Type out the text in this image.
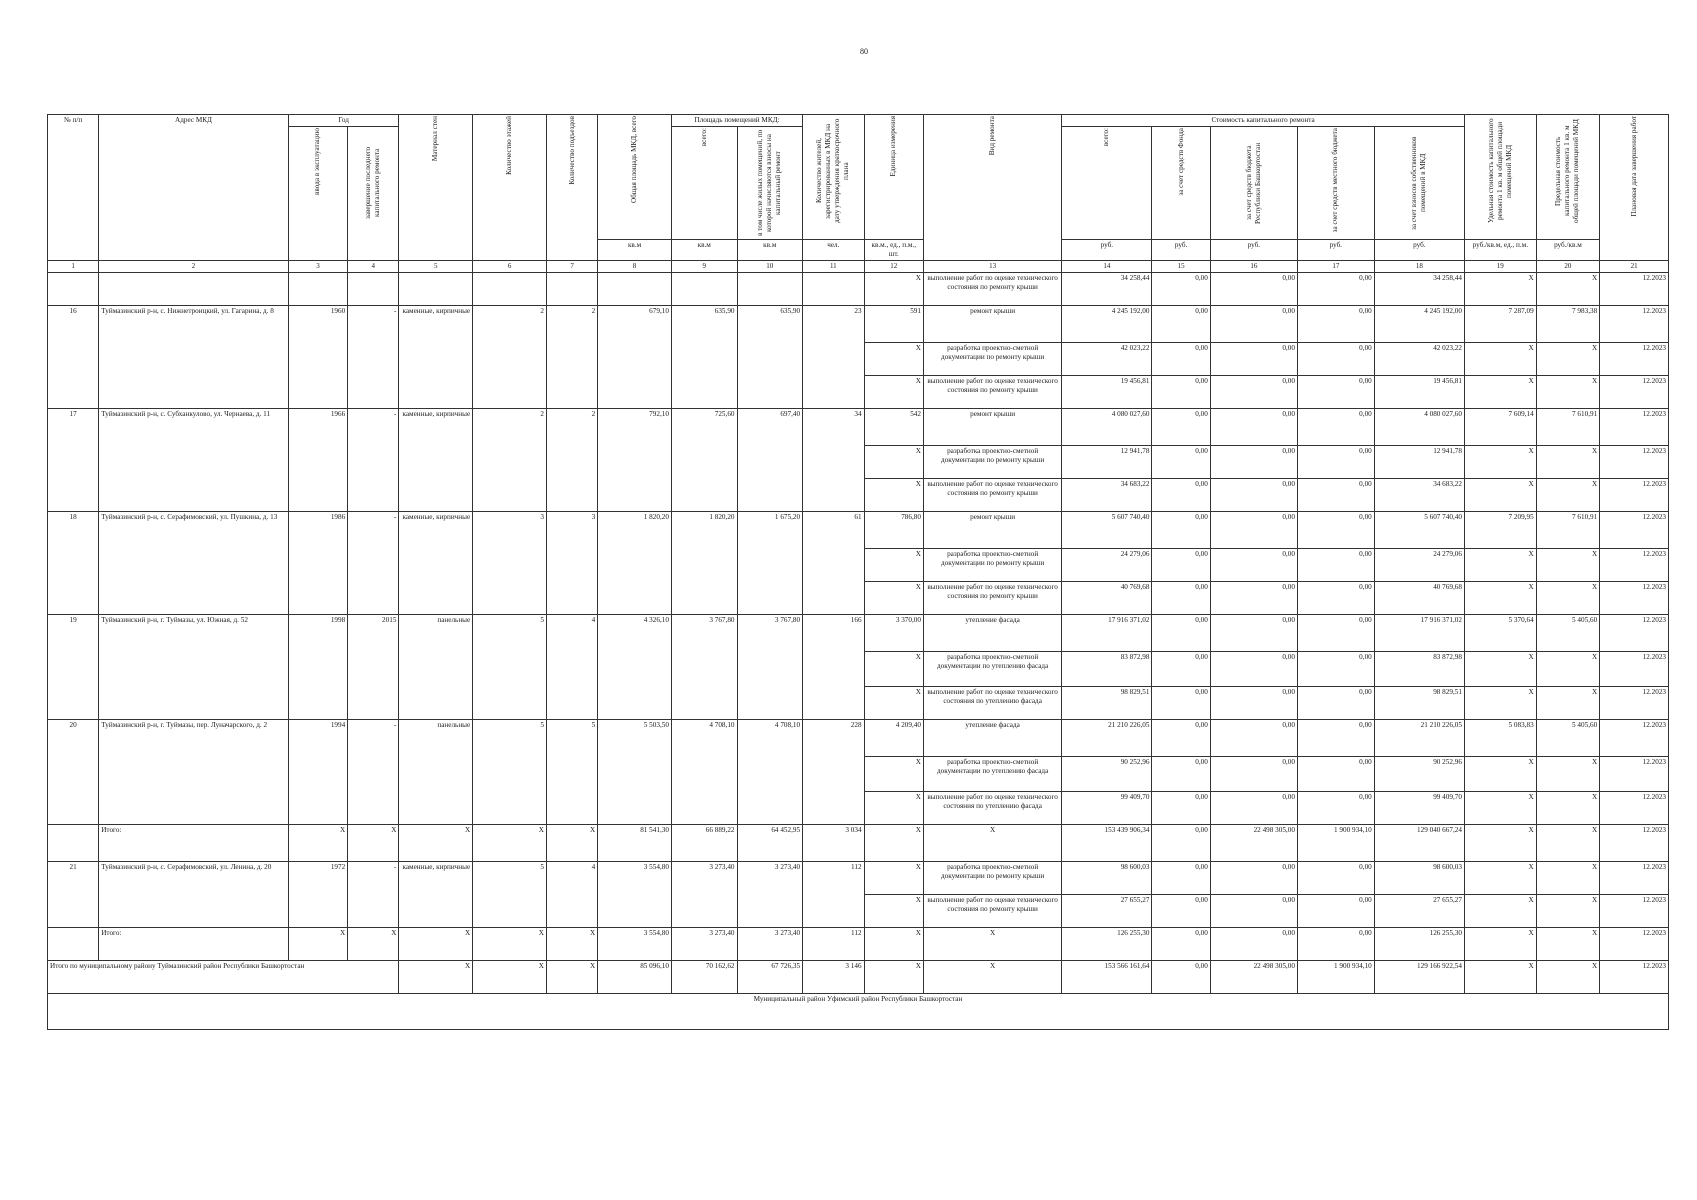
80
№ п/п	Адрес МКД	Год		Материал стен	Количество этажей	Количество подъездов	Общая площадь МКД, всего	Площадь помещений МКД:		Количество жителей, зарегистрированных в МКД на дату утверждения краткосрочного плана	Единица измерения	Вид ремонта	Стоимость капитального ремонта					Удельная стоимость капитального ремонта 1 кв. м общей площади помещений МКД	Предельная стоимость капитального ремонта 1 кв. м общей площади помещений МКД	Плановая дата завершения работ

		ввода в эксплуатацию	завершение последнего капитального ремонта					всего:	в том числе жилых помещений, по которой начисляются взносы на капитальный ремонт				всего:	за счет средств Фонда	за счет средств бюджета Республики Башкортостан	за счет средств местного бюджета	за счет взносов собственников помещений в МКД			

							кв.м	кв.м	кв.м	чел.	кв.м., ед., п.м., шт.		руб.	руб.	руб.	руб.	руб.	руб./кв.м, ед., п.м.	руб./кв.м	
1	2	3	4	5	6	7	8	9	10	11	12	13	14	15	16	17	18	19	20	21
											Х	выполнение работ по оценке технического состояния по ремонту крыши	34 258,44	0,00	0,00	0,00	34 258,44	Х	Х	12.2023
16	Туймазинский р-н, с. Нижнетроицкий, ул. Гагарина, д. 8	1960	-	каменные, кирпичные	2	2	679,10	635,90	635,90	23	591	ремонт крыши	4 245 192,00	0,00	0,00	0,00	4 245 192,00	7 287,09	7 983,38	12.2023
											Х	разработка проектно-сметной документации по ремонту крыши	42 023,22	0,00	0,00	0,00	42 023,22	Х	Х	12.2023
											Х	выполнение работ по оценке технического состояния по ремонту крыши	19 456,81	0,00	0,00	0,00	19 456,81	Х	Х	12.2023
17	Туймазинский р-н, с. Субханкулово, ул. Чернаева, д. 11	1966	-	каменные, кирпичные	2	2	792,10	725,60	697,40	34	542	ремонт крыши	4 080 027,60	0,00	0,00	0,00	4 080 027,60	7 609,14	7 610,91	12.2023
											Х	разработка проектно-сметной документации по ремонту крыши	12 941,78	0,00	0,00	0,00	12 941,78	Х	Х	12.2023
											Х	выполнение работ по оценке технического состояния по ремонту крыши	34 683,22	0,00	0,00	0,00	34 683,22	Х	Х	12.2023
18	Туймазинский р-н, с. Серафимовский, ул. Пушкина, д. 13	1986	-	каменные, кирпичные	3	3	1 820,20	1 820,20	1 675,20	61	786,80	ремонт крыши	5 607 740,40	0,00	0,00	0,00	5 607 740,40	7 209,95	7 610,91	12.2023
											Х	разработка проектно-сметной документации по ремонту крыши	24 279,06	0,00	0,00	0,00	24 279,06	Х	Х	12.2023
											Х	выполнение работ по оценке технического состояния по ремонту крыши	40 769,68	0,00	0,00	0,00	40 769,68	Х	Х	12.2023
19	Туймазинский р-н, г. Туймазы, ул. Южная, д. 52	1998	2015	панельные	5	4	4 326,10	3 767,80	3 767,80	166	3 370,00	утепление фасада	17 916 371,02	0,00	0,00	0,00	17 916 371,02	5 370,64	5 405,60	12.2023
											Х	разработка проектно-сметной документации по утеплению фасада	83 872,98	0,00	0,00	0,00	83 872,98	Х	Х	12.2023
											Х	выполнение работ по оценке технического состояния по утеплению фасада	98 829,51	0,00	0,00	0,00	98 829,51	Х	Х	12.2023
20	Туймазинский р-н, г. Туймазы, пер. Луначарского, д. 2	1994	-	панельные	5	5	5 503,50	4 708,10	4 708,10	228	4 209,40	утепление фасада	21 210 226,05	0,00	0,00	0,00	21 210 226,05	5 083,83	5 405,60	12.2023
											Х	разработка проектно-сметной документации по утеплению фасада	90 252,96	0,00	0,00	0,00	90 252,96	Х	Х	12.2023
											Х	выполнение работ по оценке технического состояния по утеплению фасада	99 409,70	0,00	0,00	0,00	99 409,70	Х	Х	12.2023
	Итого:	Х	Х	Х	Х	Х	81 541,30	66 889,22	64 452,95	3 034	Х	Х	153 439 906,34	0,00	22 498 305,00	1 900 934,10	129 040 667,24	Х	Х	12.2023
21	Туймазинский р-н, с. Серафимовский, ул. Ленина, д. 20	1972	-	каменные, кирпичные	5	4	3 554,80	3 273,40	3 273,40	112	Х	разработка проектно-сметной документации по ремонту крыши	98 600,03	0,00	0,00	0,00	98 600,03	Х	Х	12.2023
											Х	выполнение работ по оценке технического состояния по ремонту крыши	27 655,27	0,00	0,00	0,00	27 655,27	Х	Х	12.2023
	Итого:	Х	Х	Х	Х	Х	3 554,80	3 273,40	3 273,40	112	Х	Х	126 255,30	0,00	0,00	0,00	126 255,30	Х	Х	12.2023
Итого по муниципальному району Туймазинский район Республики Башкортостан				Х	Х	Х	85 096,10	70 162,62	67 726,35	3 146	Х	Х	153 566 161,64	0,00	22 498 305,00	1 900 934,10	129 166 922,54	Х	Х	12.2023
Муниципальный район Уфимский район Республики Башкортостан																				
